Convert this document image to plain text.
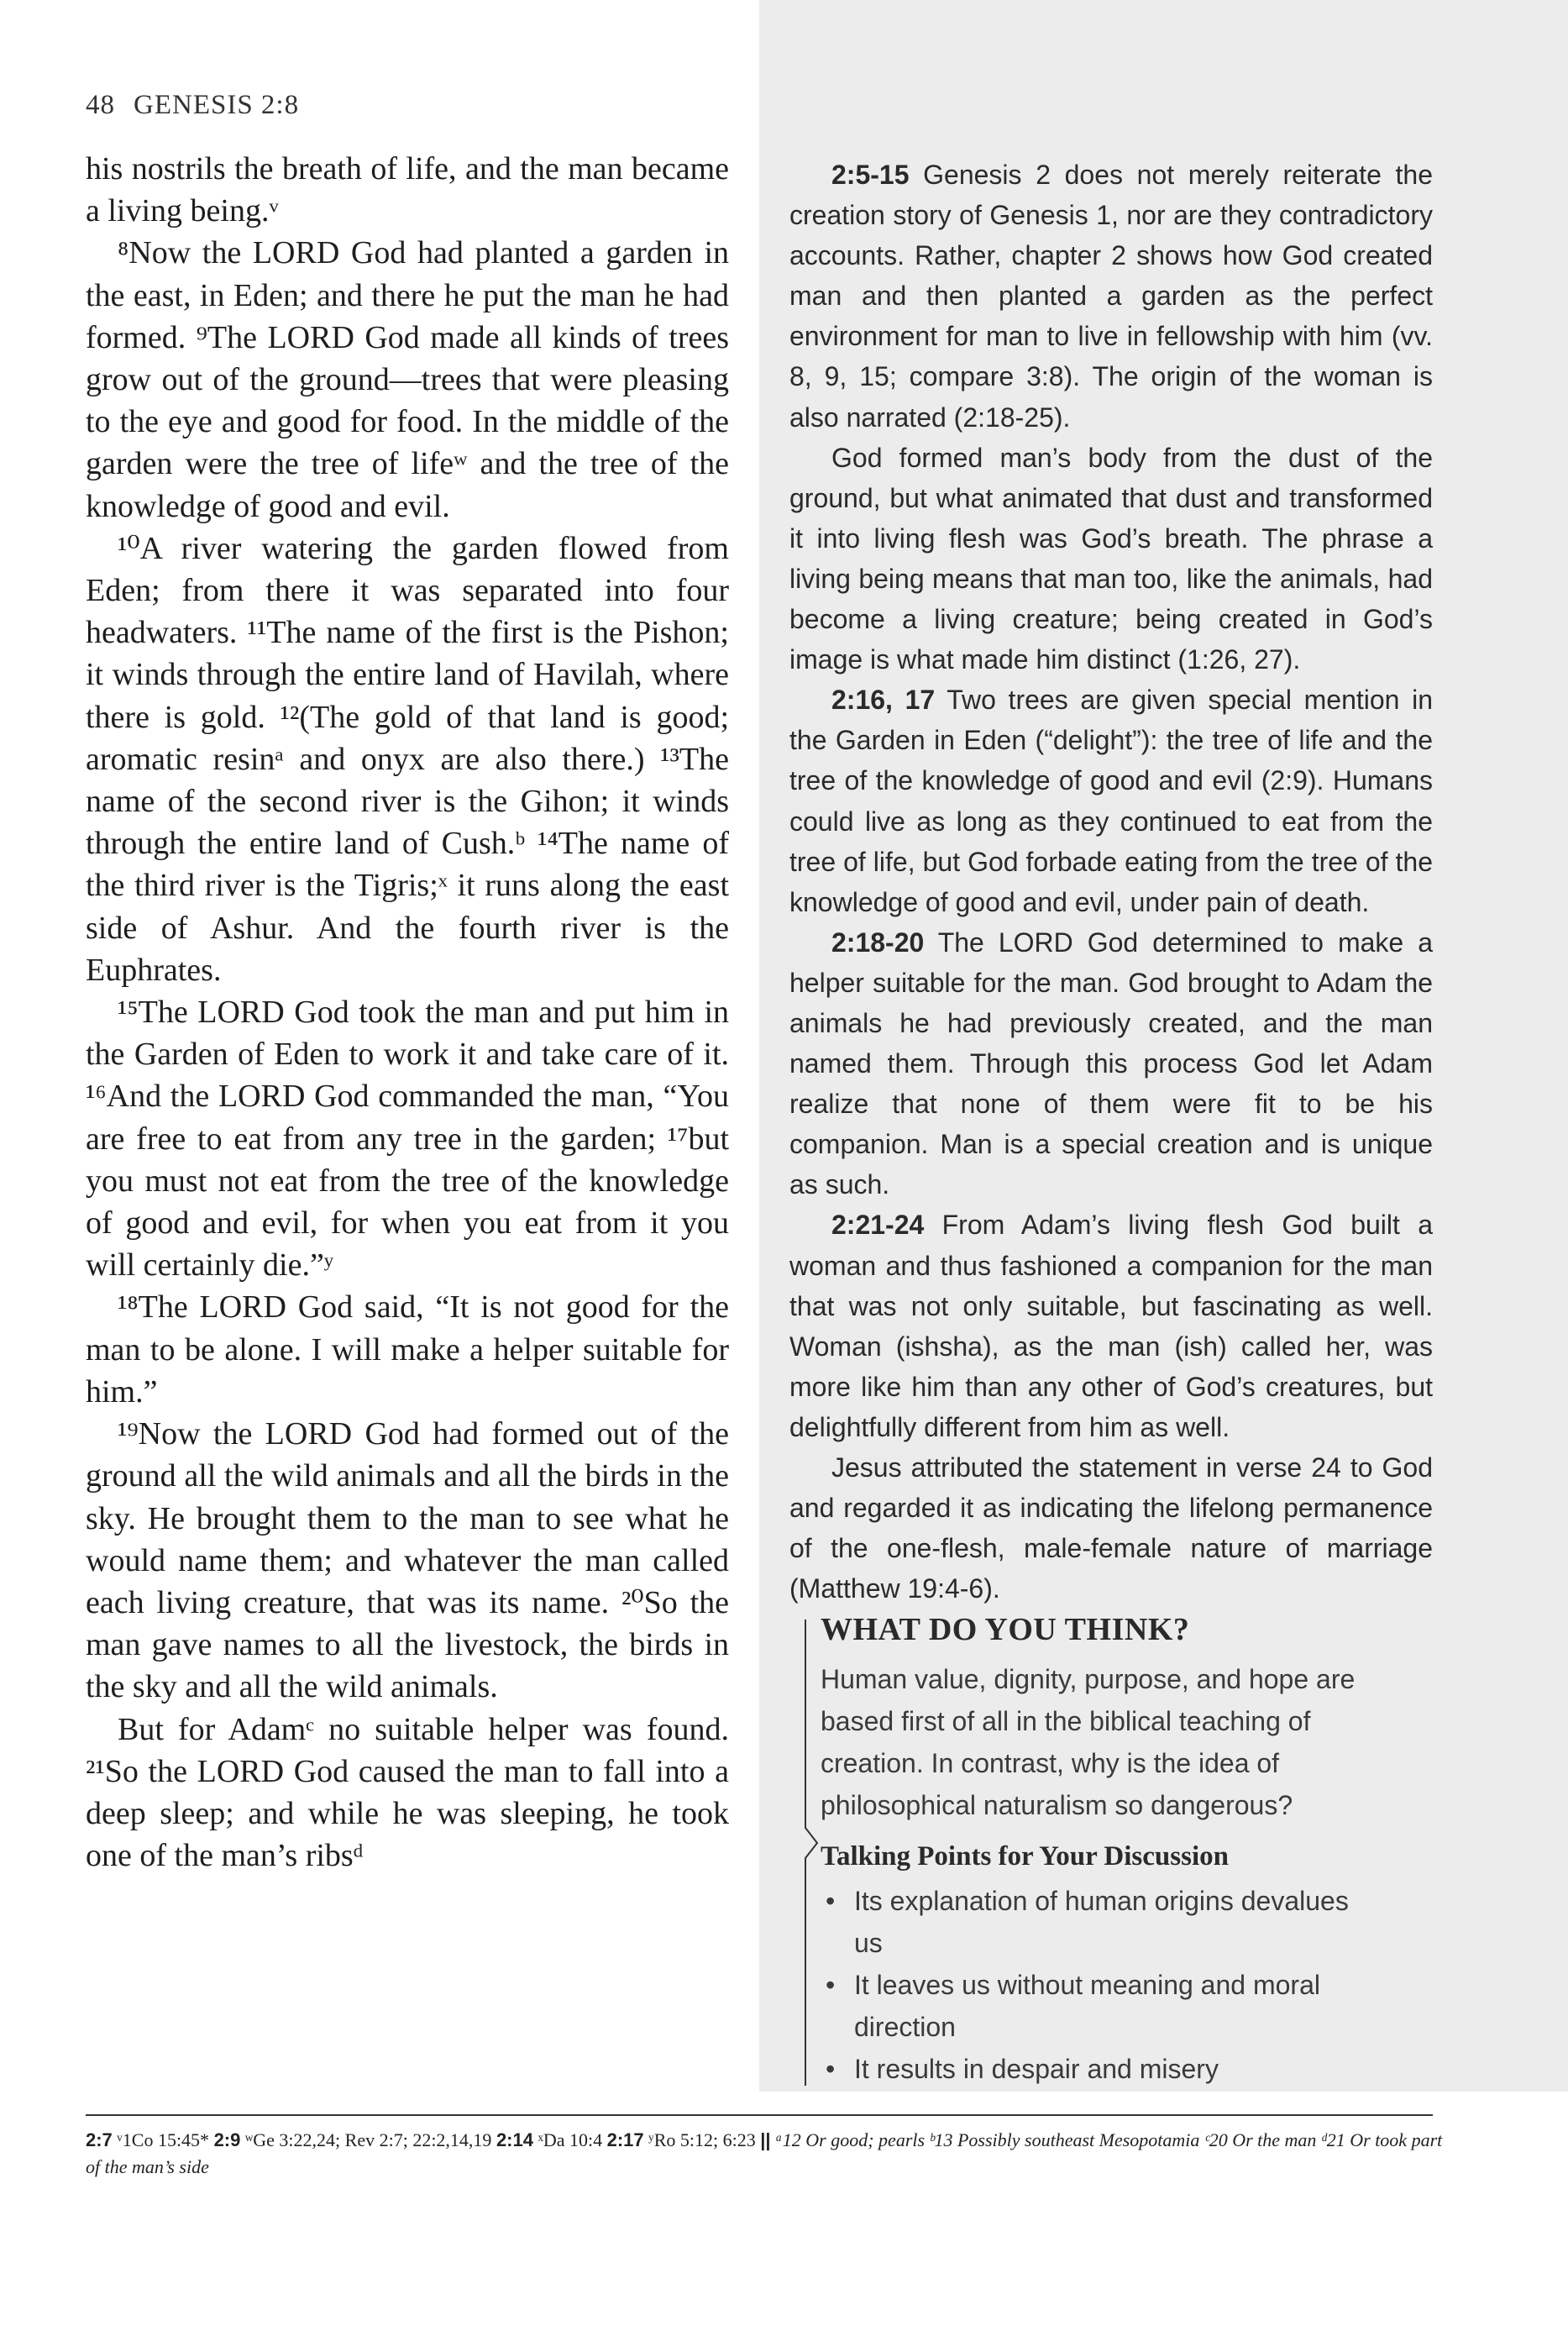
48 GENESIS 2:8

his nostrils the breath of life, and the man became a living being.ᵛ

⁸Now the LORD God had planted a garden in the east, in Eden; and there he put the man he had formed. ⁹The LORD God made all kinds of trees grow out of the ground—trees that were pleasing to the eye and good for food. In the middle of the garden were the tree of lifeʷ and the tree of the knowledge of good and evil.

¹⁰A river watering the garden flowed from Eden; from there it was separated into four headwaters. ¹¹The name of the first is the Pishon; it winds through the entire land of Havilah, where there is gold. ¹²(The gold of that land is good; aromatic resinᵃ and onyx are also there.) ¹³The name of the second river is the Gihon; it winds through the entire land of Cush.ᵇ ¹⁴The name of the third river is the Tigris;ˣ it runs along the east side of Ashur. And the fourth river is the Euphrates.

¹⁵The LORD God took the man and put him in the Garden of Eden to work it and take care of it. ¹⁶And the LORD God commanded the man, “You are free to eat from any tree in the garden; ¹⁷but you must not eat from the tree of the knowledge of good and evil, for when you eat from it you will certainly die.”ʸ

¹⁸The LORD God said, “It is not good for the man to be alone. I will make a helper suitable for him.”

¹⁹Now the LORD God had formed out of the ground all the wild animals and all the birds in the sky. He brought them to the man to see what he would name them; and whatever the man called each living creature, that was its name. ²⁰So the man gave names to all the livestock, the birds in the sky and all the wild animals.

But for Adamᶜ no suitable helper was found. ²¹So the LORD God caused the man to fall into a deep sleep; and while he was sleeping, he took one of the man’s ribsᵈ

2:5-15 Genesis 2 does not merely reiterate the creation story of Genesis 1, nor are they contradictory accounts. Rather, chapter 2 shows how God created man and then planted a garden as the perfect environment for man to live in fellowship with him (vv. 8, 9, 15; compare 3:8). The origin of the woman is also narrated (2:18-25).

God formed man’s body from the dust of the ground, but what animated that dust and transformed it into living flesh was God’s breath. The phrase a living being means that man too, like the animals, had become a living creature; being created in God’s image is what made him distinct (1:26, 27).

2:16, 17 Two trees are given special mention in the Garden in Eden (“delight”): the tree of life and the tree of the knowledge of good and evil (2:9). Humans could live as long as they continued to eat from the tree of life, but God forbade eating from the tree of the knowledge of good and evil, under pain of death.

2:18-20 The LORD God determined to make a helper suitable for the man. God brought to Adam the animals he had previously created, and the man named them. Through this process God let Adam realize that none of them were fit to be his companion. Man is a special creation and is unique as such.

2:21-24 From Adam’s living flesh God built a woman and thus fashioned a companion for the man that was not only suitable, but fascinating as well. Woman (ishsha), as the man (ish) called her, was more like him than any other of God’s creatures, but delightfully different from him as well.

Jesus attributed the statement in verse 24 to God and regarded it as indicating the lifelong permanence of the one-flesh, male-female nature of marriage (Matthew 19:4-6).

WHAT DO YOU THINK?
Human value, dignity, purpose, and hope are based first of all in the biblical teaching of creation. In contrast, why is the idea of philosophical naturalism so dangerous?
Talking Points for Your Discussion
• Its explanation of human origins devalues us
• It leaves us without meaning and moral direction
• It results in despair and misery
2:7 ᵛ1Co 15:45* 2:9 ʷGe 3:22,24; Rev 2:7; 22:2,14,19 2:14 ˣDa 10:4 2:17 ʸRo 5:12; 6:23 || ᵃ12 Or good; pearls ᵇ13 Possibly southeast Mesopotamia ᶜ20 Or the man ᵈ21 Or took part of the man’s side
